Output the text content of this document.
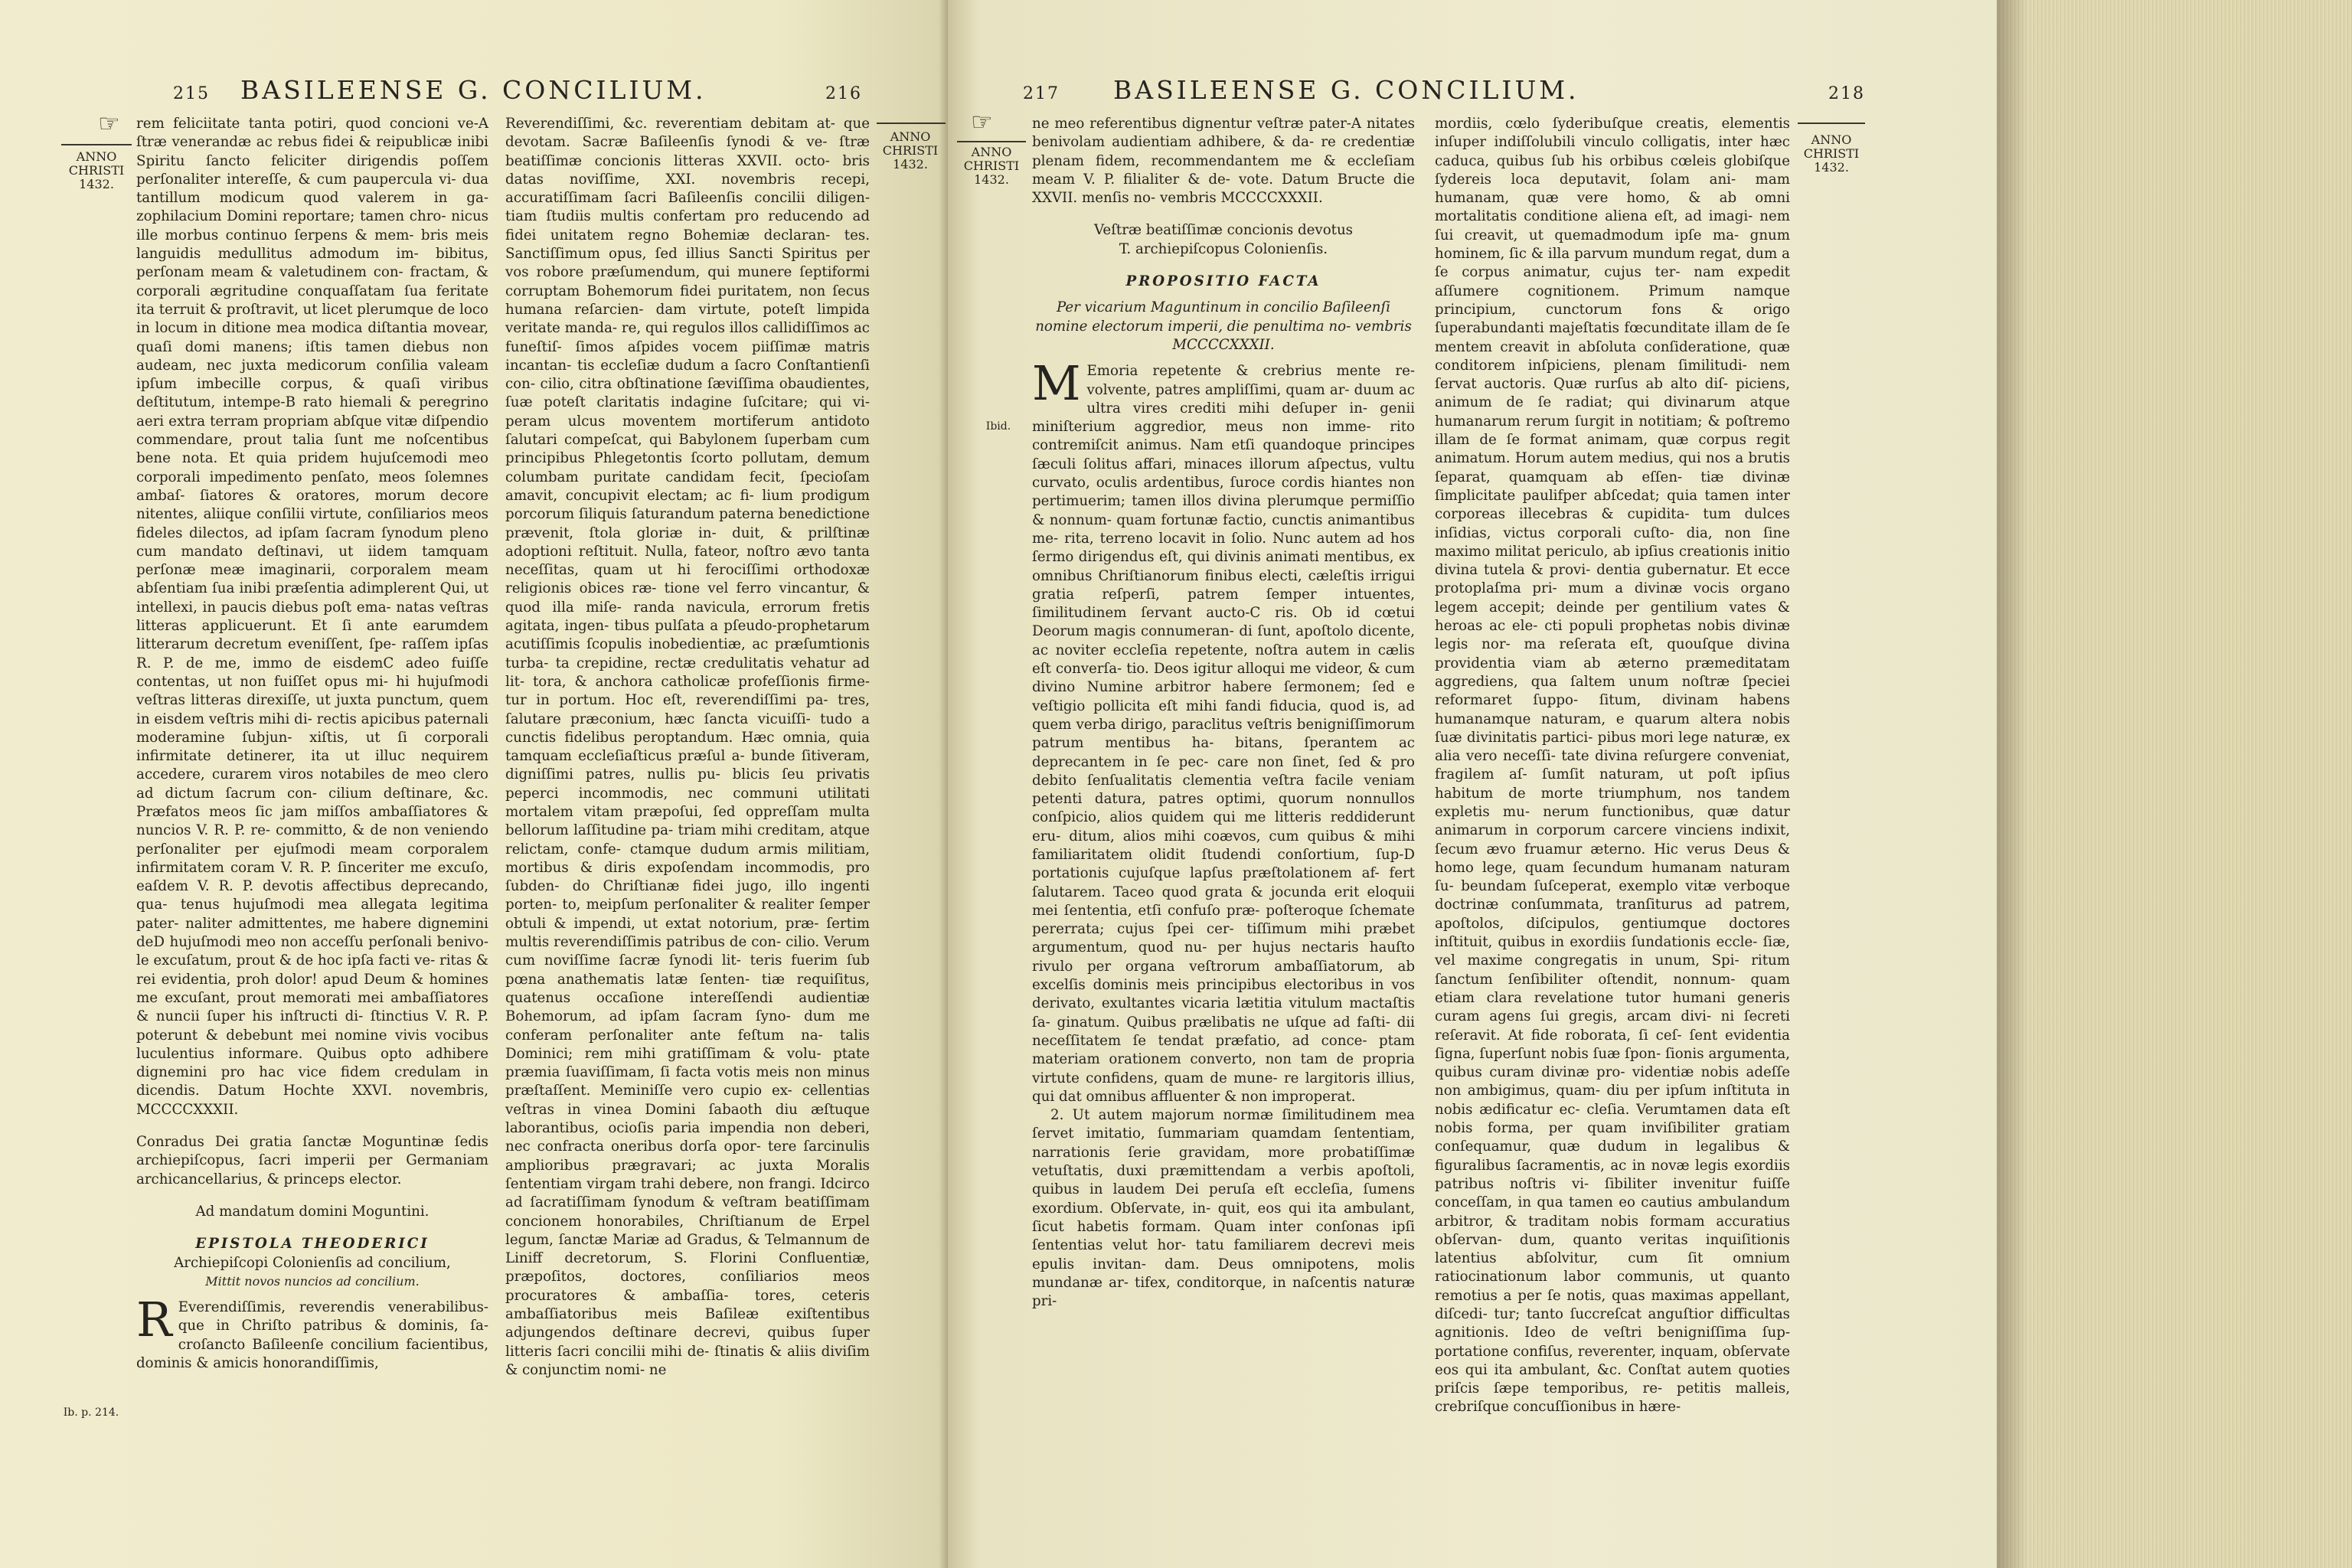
☞
215 BASILEENSE G. CONCILIUM.	216
ANNO CHRISTI 1432.
ANNO CHRISTI 1432.
Ib. p. 214.

rem feliciitate tanta potiri, quod concioni ve-A ſtræ venerandæ ac rebus fidei & reipublicæ inibi Spiritu ſancto feliciter dirigendis poſſem perſonaliter intereſſe, & cum paupercula vi- dua tantillum modicum quod valerem in ga- zophilacium Domini reportare; tamen chro- nicus ille morbus continuo ſerpens & mem- bris meis languidis medullitus admodum im- bibitus, perſonam meam & valetudinem con- fractam, & corporali ægritudine conquaſſatam ſua feritate ita terruit & proſtravit, ut licet plerumque de loco in locum in ditione mea modica diſtantia movear, quaſi domi manens; iſtis tamen diebus non audeam, nec juxta medicorum conſilia valeam ipſum imbecille corpus, & quaſi viribus deſtitutum, intempe-B rato hiemali & peregrino aeri extra terram propriam abſque vitæ diſpendio commendare, prout talia ſunt me noſcentibus bene nota. Et quia pridem hujuſcemodi meo corporali impedimento penſato, meos ſolemnes ambaſ- ſiatores & oratores, morum decore nitentes, aliique conſilii virtute, conſiliarios meos fideles dilectos, ad ipſam ſacram ſynodum pleno cum mandato deſtinavi, ut iidem tamquam perſonæ meæ imaginarii, corporalem meam abſentiam ſua inibi præſentia adimplerent Qui, ut intellexi, in paucis diebus poſt ema- natas veſtras litteras applicuerunt. Et ſi ante earumdem litterarum decretum eveniſſent, ſpe- raſſem ipſas R. P. de me, immo de eisdemC adeo fuiſſe contentas, ut non fuiſſet opus mi- hi hujuſmodi veſtras litteras direxiſſe, ut juxta punctum, quem in eisdem veſtris mihi di- rectis apicibus paternali moderamine ſubjun- xiſtis, ut ſi corporali infirmitate detinerer, ita ut illuc nequirem accedere, curarem viros notabiles de meo clero ad dictum ſacrum con- cilium deſtinare, &c. Præfatos meos ſic jam miſſos ambaſſiatores & nuncios V. R. P. re- committo, & de non veniendo perſonaliter per ejuſmodi meam corporalem infirmitatem coram V. R. P. ſinceriter me excuſo, eaſdem V. R. P. devotis affectibus deprecando, qua- tenus hujuſmodi mea allegata legitima pater- naliter admittentes, me habere dignemini deD hujuſmodi meo non acceſſu perſonali benivo- le excuſatum, prout & de hoc ipſa facti ve- ritas & rei evidentia, proh dolor! apud Deum & homines me excuſant, prout memorati mei ambaſſiatores & nuncii ſuper his inſtructi di- ſtinctius V. R. P. poterunt & debebunt mei nomine vivis vocibus luculentius informare. Quibus opto adhibere dignemini pro hac vice fidem credulam in dicendis. Datum Hochte XXVI. novembris, MCCCCXXXII.

Conradus Dei gratia ſanctæ Moguntinæ ſedis archiepiſcopus, ſacri imperii per Germaniam archicancellarius, & princeps elector.

Ad mandatum domini Moguntini.

EPISTOLA THEODERICI

Archiepiſcopi Colonienſis ad concilium,

Mittit novos nuncios ad concilium.

R Everendiſſimis, reverendis venerabilibus- que in Chriſto patribus & dominis, ſa- croſancto Baſileenſe concilium facientibus, dominis & amicis honorandiſſimis,

Reverendiſſimi, &c. reverentiam debitam at- que devotam. Sacræ Baſileenſis ſynodi & ve- ſtræ beatiſſimæ concionis litteras XXVII. octo- bris datas noviſſime, XXI. novembris recepi, accuratiſſimam ſacri Baſileenſis concilii diligen- tiam ſtudiis multis confertam pro reducendo ad fidei unitatem regno Bohemiæ declaran- tes. Sanctiſſimum opus, ſed illius Sancti Spiritus per vos robore præſumendum, qui munere ſeptiformi corruptam Bohemorum fidei puritatem, non ſecus humana reſarcien- dam virtute, poteſt limpida veritate manda- re, qui regulos illos callidiſſimos ac funeſtiſ- ſimos aſpides vocem piiſſimæ matris incantan- tis eccleſiæ dudum a ſacro Conſtantienſi con- cilio, citra obſtinatione ſæviſſima obaudientes, ſuæ poteſt claritatis indagine ſuſcitare; qui vi- peram ulcus moventem mortiferum antidoto ſalutari compeſcat, qui Babylonem ſuperbam cum principibus Phlegetontis ſcorto pollutam, demum columbam puritate candidam fecit, ſpecioſam amavit, concupivit electam; ac fi- lium prodigum porcorum ſiliquis ſaturandum paterna benedictione prævenit, ſtola gloriæ in- duit, & prilſtinæ adoptioni reſtituit. Nulla, fateor, noſtro ævo tanta neceſſitas, quam ut hi ferociſſimi orthodoxæ religionis obices ræ- tione vel ferro vincantur, & quod illa miſe- randa navicula, errorum fretis agitata, ingen- tibus pulſata a pſeudo-prophetarum acutiſſimis ſcopulis inobedientiæ, ac præſumtionis turba- ta crepidine, rectæ credulitatis vehatur ad lit- tora, & anchora catholicæ profeſſionis firme- tur in portum. Hoc eſt, reverendiſſimi pa- tres, ſalutare præconium, hæc ſancta vicuiſſi- tudo a cunctis fidelibus peroptandum. Hæc omnia, quia tamquam eccleſiaſticus præſul a- bunde ſitiveram, digniſſimi patres, nullis pu- blicis ſeu privatis peperci incommodis, nec communi utilitati mortalem vitam præpoſui, ſed oppreſſam multa bellorum laſſitudine pa- triam mihi creditam, atque relictam, confe- ctamque dudum armis militiam, mortibus & diris expoſendam incommodis, pro ſubden- do Chriſtianæ fidei jugo, illo ingenti porten- to, meipſum perſonaliter & realiter ſemper obtuli & impendi, ut extat notorium, præ- ſertim multis reverendiſſimis patribus de con- cilio. Verum cum noviſſime ſacræ ſynodi lit- teris fuerim ſub pœna anathematis latæ ſenten- tiæ requiſitus, quatenus occaſione intereſſendi audientiæ Bohemorum, ad ipſam ſacram ſyno- dum me conferam perſonaliter ante feſtum na- talis Dominici; rem mihi gratiſſimam & volu- ptate præmia ſuaviſſimam, ſi facta votis meis non minus præſtaſſent. Meminiſſe vero cupio ex- cellentias veſtras in vinea Domini ſabaoth diu æſtuque laborantibus, ocioſis paria impendia non deberi, nec confracta oneribus dorſa opor- tere ſarcinulis amplioribus prægravari; ac juxta Moralis ſententiam virgam trahi debere, non frangi. Idcirco ad ſacratiſſimam ſynodum & veſtram beatiſſimam concionem honorabiles, Chriſtianum de Erpel legum, ſanctæ Mariæ ad Gradus, & Telmannum de Liniff decretorum, S. Florini Confluentiæ, præpoſitos, doctores, conſiliarios meos procuratores & ambaſſia- tores, ceteris ambaſſiatoribus meis Baſileæ exiſtentibus adjungendos deſtinare decrevi, quibus ſuper litteris ſacri concilii mihi de- ſtinatis & aliis diviſim & conjunctim nomi- ne

☞
217 BASILEENSE G. CONCILIUM.	218
ANNO CHRISTI 1432.
ANNO CHRISTI 1432.
Ibid.

ne meo referentibus dignentur veſtræ pater-A nitates benivolam audientiam adhibere, & da- re credentiæ plenam fidem, recommendantem me & eccleſiam meam V. P. filialiter & de- vote. Datum Bructe die XXVII. menſis no- vembris MCCCCXXXII.

Veſtræ beatiſſimæ concionis devotus

T. archiepiſcopus Colonienſis.

PROPOSITIO FACTA

Per vicarium Maguntinum in concilio Baſileenſi nomine electorum imperii, die penultima no- vembris MCCCCXXXII.

M Emoria repetente & crebrius mente re- volvente, patres ampliſſimi, quam ar- duum ac ultra vires crediti mihi deſuper in- genii miniſterium aggredior, meus non imme- rito contremiſcit animus. Nam etſi quandoque principes ſæculi ſolitus affari, minaces illorum aſpectus, vultu curvato, oculis ardentibus, ſuroce cordis hiantes non pertimuerim; tamen illos divina plerumque permiſſio & nonnum- quam fortunæ factio, cunctis animantibus me- rita, terreno locavit in ſolio. Nunc autem ad hos ſermo dirigendus eſt, qui divinis animati mentibus, ex omnibus Chriſtianorum finibus electi, cæleſtis irrigui gratia reſperſi, patrem ſemper intuentes, ſimilitudinem ſervant aucto-C ris. Ob id cœtui Deorum magis connumeran- di ſunt, apoſtolo dicente, ac noviter eccleſia repetente, noſtra autem in cælis eſt converſa- tio. Deos igitur alloqui me videor, & cum divino Numine arbitror habere ſermonem; ſed e veſtigio pollicita eſt mihi fandi fiducia, quod is, ad quem verba dirigo, paraclitus veſtris benigniſſimorum patrum mentibus ha- bitans, ſperantem ac deprecantem in ſe pec- care non ſinet, ſed & pro debito ſenſualitatis clementia veſtra facile veniam petenti datura, patres optimi, quorum nonnullos conſpicio, alios quidem qui me litteris reddiderunt eru- ditum, alios mihi coævos, cum quibus & mihi familiaritatem olidit ſtudendi conſortium, ſup-D portationis cujuſque lapſus præſtolationem af- fert ſalutarem. Taceo quod grata & jocunda erit eloquii mei ſententia, etſi confuſo præ- poſteroque ſchemate pererrata; cujus ſpei cer- tiſſimum mihi præbet argumentum, quod nu- per hujus nectaris hauſto rivulo per organa veſtrorum ambaſſiatorum, ab excelſis dominis meis principibus electoribus in vos derivato, exultantes vicaria lætitia vitulum mactaſtis ſa- ginatum. Quibus prælibatis ne uſque ad faſti- dii neceſſitatem ſe tendat præfatio, ad conce- ptam materiam orationem converto, non tam de propria virtute confidens, quam de mune- re largitoris illius, qui dat omnibus affluenter & non improperat.

2. Ut autem majorum normæ ſimilitudinem mea ſervet imitatio, ſummariam quamdam ſententiam, narrationis ſerie gravidam, more probatiſſimæ vetuſtatis, duxi præmittendam a verbis apoſtoli, quibus in laudem Dei peruſa eſt eccleſia, ſumens exordium. Obſervate, in- quit, eos qui ita ambulant, ſicut habetis formam. Quam inter conſonas ipſi ſententias velut hor- tatu familiarem decrevi meis epulis invitan- dam. Deus omnipotens, molis mundanæ ar- tifex, conditorque, in naſcentis naturæ pri-

mordiis, cœlo ſyderibuſque creatis, elementis inſuper indiſſolubili vinculo colligatis, inter hæc caduca, quibus ſub his orbibus cœleis globiſque ſydereis loca deputavit, ſolam ani- mam humanam, quæ vere homo, & ab omni mortalitatis conditione aliena eſt, ad imagi- nem ſui creavit, ut quemadmodum ipſe ma- gnum hominem, ſic & illa parvum mundum regat, dum a ſe corpus animatur, cujus ter- nam expedit aſſumere cognitionem. Primum namque principium, cunctorum fons & origo ſuperabundanti majeſtatis fœcunditate illam de ſe mentem creavit in abſoluta conſideratione, quæ conditorem inſpiciens, plenam ſimilitudi- nem ſervat auctoris. Quæ rurſus ab alto diſ- piciens, animum de ſe radiat; qui divinarum atque humanarum rerum ſurgit in notitiam; & poſtremo illam de ſe format animam, quæ corpus regit animatum. Horum autem medius, qui nos a brutis ſeparat, quamquam ab eſſen- tiæ divinæ ſimplicitate paulifper abſcedat; quia tamen inter corporeas illecebras & cupidita- tum dulces inſidias, victus corporali cuſto- dia, non ſine maximo militat periculo, ab ipſius creationis initio divina tutela & provi- dentia gubernatur. Et ecce protoplaſma pri- mum a divinæ vocis organo legem accepit; deinde per gentilium vates & heroas ac ele- cti populi prophetas nobis divinæ legis nor- ma reſerata eſt, quouſque divina providentia viam ab æterno præmeditatam aggrediens, qua ſaltem unum noſtræ ſpeciei reformaret ſuppo- ſitum, divinam habens humanamque naturam, e quarum altera nobis ſuæ divinitatis partici- pibus mori lege naturæ, ex alia vero neceſſi- tate divina reſurgere conveniat, fragilem aſ- ſumſit naturam, ut poſt ipſius habitum de morte triumphum, nos tandem expletis mu- nerum functionibus, quæ datur animarum in corporum carcere vinciens indixit, ſecum ævo fruamur æterno. Hic verus Deus & homo lege, quam ſecundum humanam naturam ſu- beundam ſuſceperat, exemplo vitæ verboque doctrinæ conſummata, tranſiturus ad patrem, apoſtolos, diſcipulos, gentiumque doctores inſtituit, quibus in exordiis ſundationis eccle- ſiæ, vel maxime congregatis in unum, Spi- ritum ſanctum ſenſibiliter oſtendit, nonnum- quam etiam clara revelatione tutor humani generis curam agens ſui gregis, arcam divi- ni ſecreti reſeravit. At fide roborata, ſi ceſ- ſent evidentia ſigna, ſuperſunt nobis ſuæ ſpon- ſionis argumenta, quibus curam divinæ pro- videntiæ nobis adeſſe non ambigimus, quam- diu per ipſum inſtituta in nobis ædificatur ec- cleſia. Verumtamen data eſt nobis forma, per quam inviſibiliter gratiam conſequamur, quæ dudum in legalibus & figuralibus ſacramentis, ac in novæ legis exordiis patribus noſtris vi- ſibiliter invenitur fuiſſe conceſſam, in qua tamen eo cautius ambulandum arbitror, & traditam nobis formam accuratius obſervan- dum, quanto veritas inquiſitionis latentius abſolvitur, cum ſit omnium ratiocinationum labor communis, ut quanto remotius a per ſe notis, quas maximas appellant, diſcedi- tur; tanto ſuccreſcat anguſtior difficultas agnitionis. Ideo de veſtri benigniſſima ſup- portatione confiſus, reverenter, inquam, obſervate eos qui ita ambulant, &c. Conſtat autem quoties priſcis ſæpe temporibus, re- petitis malleis, crebriſque concuſſionibus in hære-
